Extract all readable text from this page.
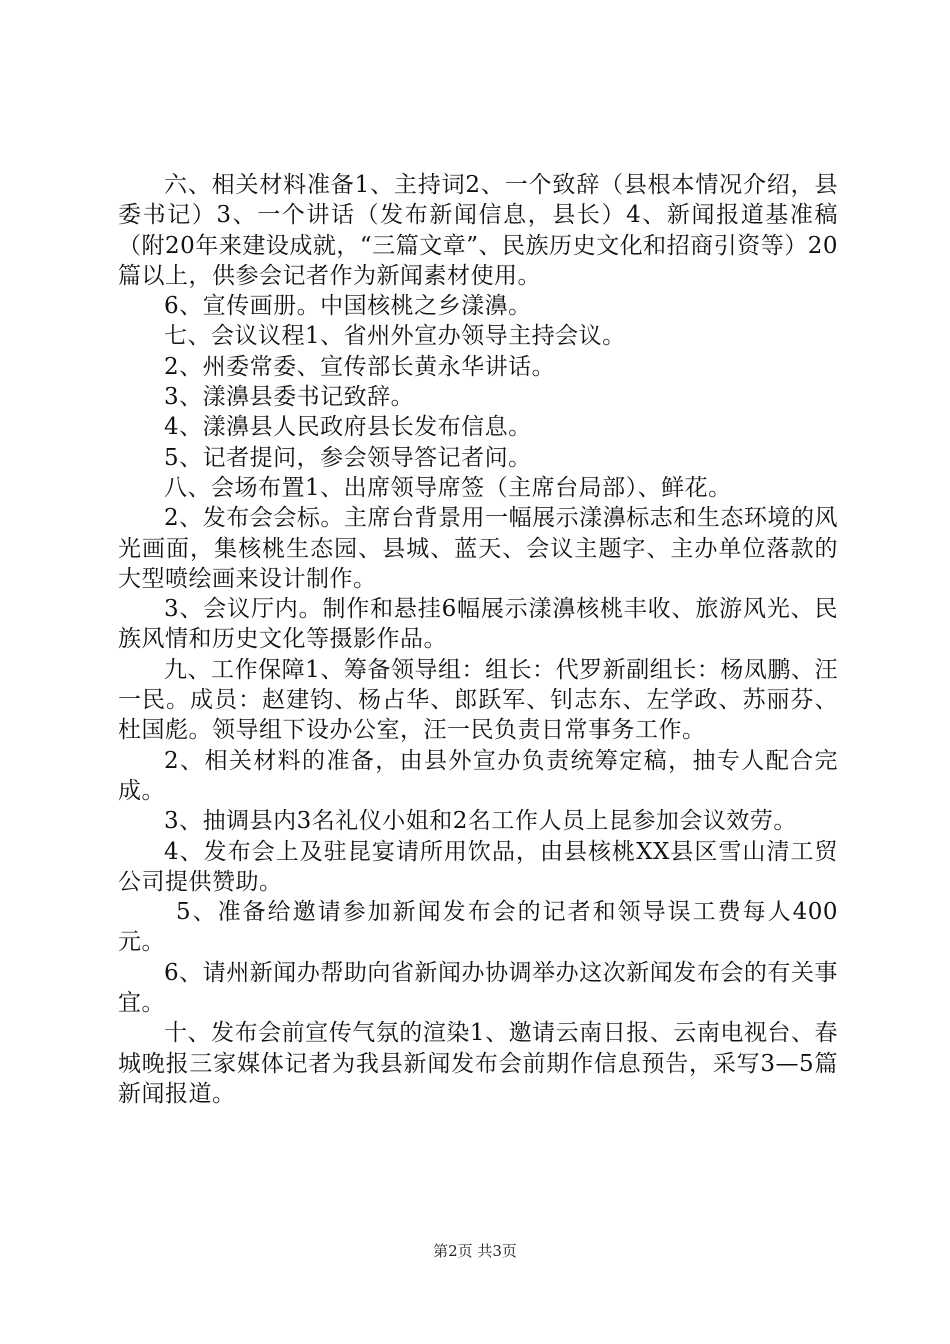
六、相关材料准备1、主持词2、一个致辞（县根本情况介绍，县委书记）3、一个讲话（发布新闻信息，县长）4、新闻报道基准稿（附20年来建设成就，“三篇文章”、民族历史文化和招商引资等）20篇以上，供参会记者作为新闻素材使用。

6、宣传画册。中国核桃之乡漾濞。

七、会议议程1、省州外宣办领导主持会议。

2、州委常委、宣传部长黄永华讲话。

3、漾濞县委书记致辞。

4、漾濞县人民政府县长发布信息。

5、记者提问，参会领导答记者问。

八、会场布置1、出席领导席签（主席台局部）、鲜花。

2、发布会会标。主席台背景用一幅展示漾濞标志和生态环境的风光画面，集核桃生态园、县城、蓝天、会议主题字、主办单位落款的大型喷绘画来设计制作。

3、会议厅内。制作和悬挂6幅展示漾濞核桃丰收、旅游风光、民族风情和历史文化等摄影作品。

九、工作保障1、筹备领导组：组长：代罗新副组长：杨凤鹏、汪一民。成员：赵建钧、杨占华、郎跃军、钊志东、左学政、苏丽芬、杜国彪。领导组下设办公室，汪一民负责日常事务工作。

2、相关材料的准备，由县外宣办负责统筹定稿，抽专人配合完成。

3、抽调县内3名礼仪小姐和2名工作人员上昆参加会议效劳。

4、发布会上及驻昆宴请所用饮品，由县核桃XX县区雪山清工贸公司提供赞助。

5、准备给邀请参加新闻发布会的记者和领导误工费每人400元。

6、请州新闻办帮助向省新闻办协调举办这次新闻发布会的有关事宜。

十、发布会前宣传气氛的渲染1、邀请云南日报、云南电视台、春城晚报三家媒体记者为我县新闻发布会前期作信息预告，采写3—5篇新闻报道。

第2页 共3页
